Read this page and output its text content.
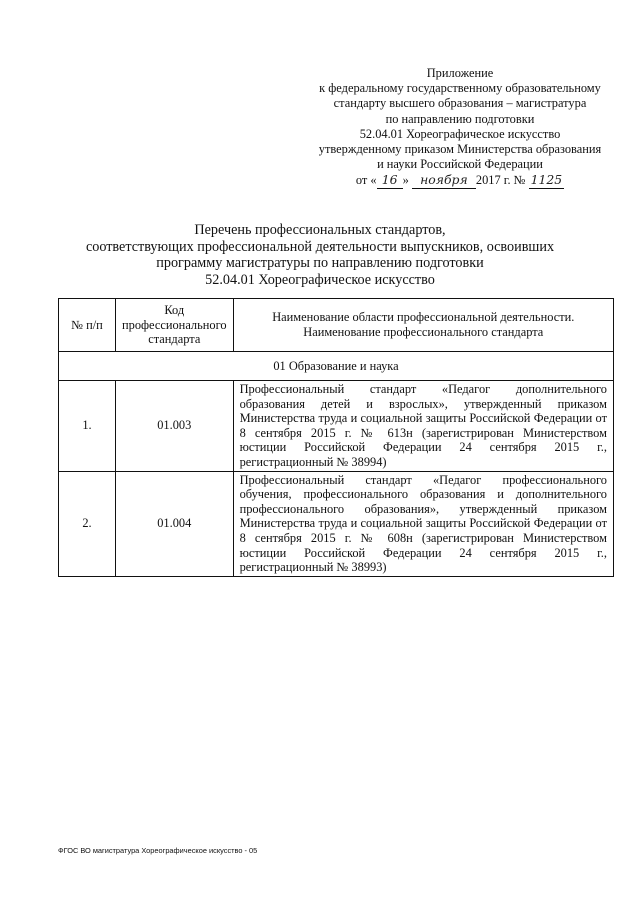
Приложение
к федеральному государственному образовательному
стандарту высшего образования – магистратура
по направлению подготовки
52.04.01 Хореографическое искусство
утвержденному приказом Министерства образования
и науки Российской Федерации
от « 16 » ноября 2017 г. № 1125
Перечень профессиональных стандартов,
соответствующих профессиональной деятельности выпускников, освоивших
программу магистратуры по направлению подготовки
52.04.01 Хореографическое искусство
№ п/п	Код профессионального стандарта	Наименование области профессиональной деятельности.
Наименование профессионального стандарта
01 Образование и наука		
1.	01.003	Профессиональный стандарт «Педагог дополнительного образования детей и взрослых», утвержденный приказом Министерства труда и социальной защиты Российской Федерации от 8 сентября 2015 г. № 613н (зарегистрирован Министерством юстиции Российской Федерации 24 сентября 2015 г., регистрационный № 38994)
2.	01.004	Профессиональный стандарт «Педагог профессионального обучения, профессионального образования и дополнительного профессионального образования», утвержденный приказом Министерства труда и социальной защиты Российской Федерации от 8 сентября 2015 г. № 608н (зарегистрирован Министерством юстиции Российской Федерации 24 сентября 2015 г., регистрационный № 38993)
ФГОС ВО магистратура Хореографическое искусство - 05
